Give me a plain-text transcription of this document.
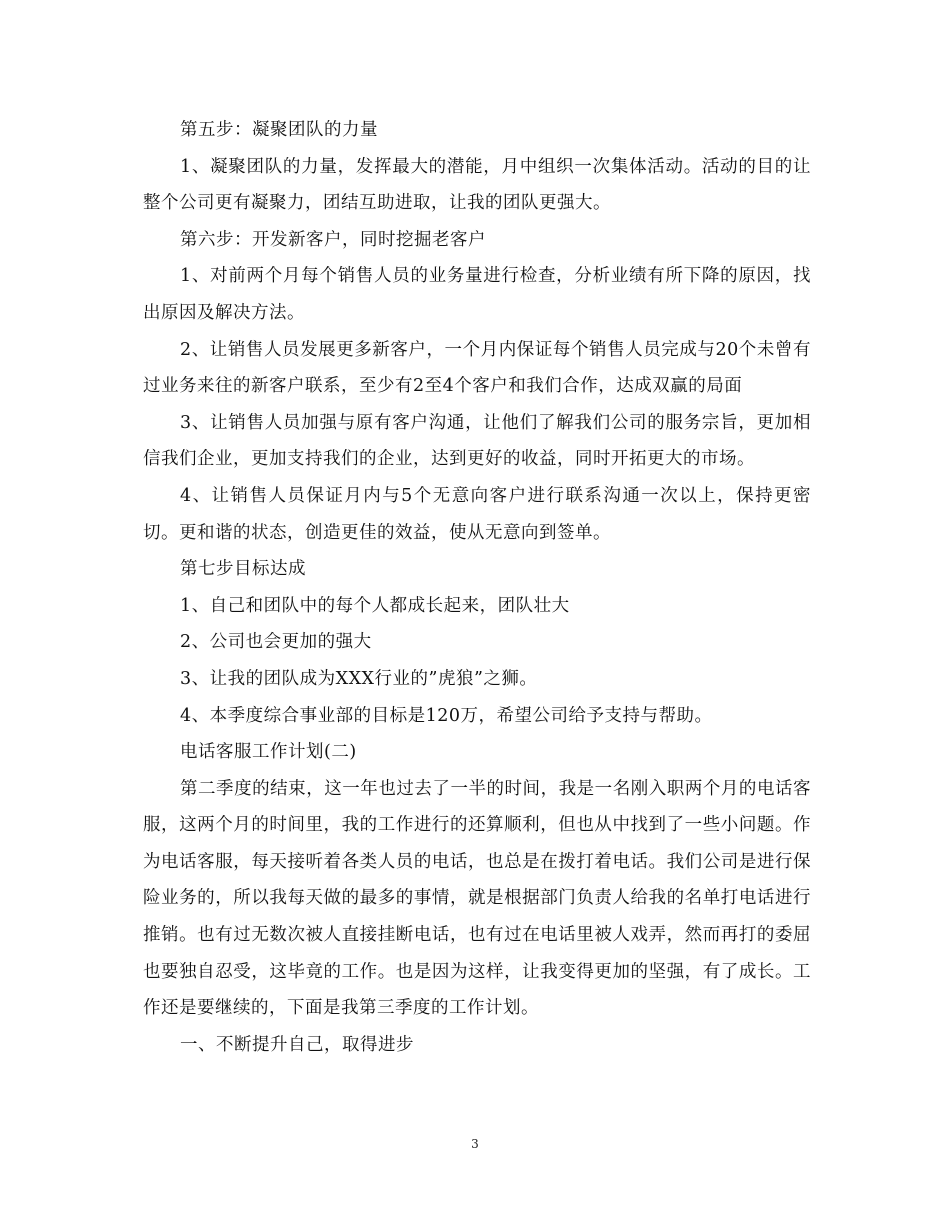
第五步：凝聚团队的力量

1、凝聚团队的力量，发挥最大的潜能，月中组织一次集体活动。活动的目的让整个公司更有凝聚力，团结互助进取，让我的团队更强大。

第六步：开发新客户，同时挖掘老客户

1、对前两个月每个销售人员的业务量进行检查，分析业绩有所下降的原因，找出原因及解决方法。

2、让销售人员发展更多新客户，一个月内保证每个销售人员完成与20个未曾有过业务来往的新客户联系，至少有2至4个客户和我们合作，达成双赢的局面

3、让销售人员加强与原有客户沟通，让他们了解我们公司的服务宗旨，更加相信我们企业，更加支持我们的企业，达到更好的收益，同时开拓更大的市场。

4、让销售人员保证月内与5个无意向客户进行联系沟通一次以上，保持更密切。更和谐的状态，创造更佳的效益，使从无意向到签单。

第七步目标达成

1、自己和团队中的每个人都成长起来，团队壮大

2、公司也会更加的强大

3、让我的团队成为XXX行业的”虎狼”之狮。

4、本季度综合事业部的目标是120万，希望公司给予支持与帮助。

电话客服工作计划(二)

第二季度的结束，这一年也过去了一半的时间，我是一名刚入职两个月的电话客服，这两个月的时间里，我的工作进行的还算顺利，但也从中找到了一些小问题。作为电话客服，每天接听着各类人员的电话，也总是在拨打着电话。我们公司是进行保险业务的，所以我每天做的最多的事情，就是根据部门负责人给我的名单打电话进行推销。也有过无数次被人直接挂断电话，也有过在电话里被人戏弄，然而再打的委屈也要独自忍受，这毕竟的工作。也是因为这样，让我变得更加的坚强，有了成长。工作还是要继续的，下面是我第三季度的工作计划。

一、不断提升自己，取得进步

3
